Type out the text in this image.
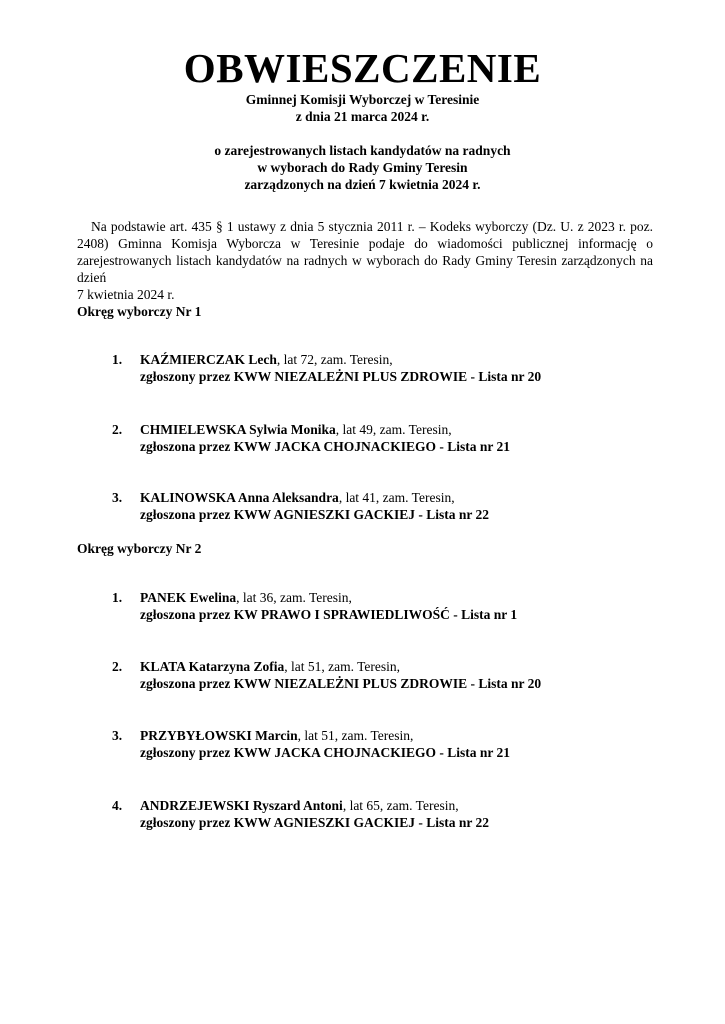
OBWIESZCZENIE
Gminnej Komisji Wyborczej w Teresinie
z dnia 21 marca 2024 r.
o zarejestrowanych listach kandydatów na radnych
w wyborach do Rady Gminy Teresin
zarządzonych na dzień 7 kwietnia 2024 r.
Na podstawie art. 435 § 1 ustawy z dnia 5 stycznia 2011 r. – Kodeks wyborczy (Dz. U. z 2023 r. poz.
2408) Gminna Komisja Wyborcza w Teresinie podaje do wiadomości publicznej informację o
zarejestrowanych listach kandydatów na radnych w wyborach do Rady Gminy Teresin zarządzonych na dzień
7 kwietnia 2024 r.
Okręg wyborczy Nr 1
1. KAŹMIERCZAK Lech, lat 72, zam. Teresin,
zgłoszony przez KWW NIEZALEŻNI PLUS ZDROWIE - Lista nr 20
2. CHMIELEWSKA Sylwia Monika, lat 49, zam. Teresin,
zgłoszona przez KWW JACKA CHOJNACKIEGO - Lista nr 21
3. KALINOWSKA Anna Aleksandra, lat 41, zam. Teresin,
zgłoszona przez KWW AGNIESZKI GACKIEJ - Lista nr 22
Okręg wyborczy Nr 2
1. PANEK Ewelina, lat 36, zam. Teresin,
zgłoszona przez KW PRAWO I SPRAWIEDLIWOŚĆ - Lista nr 1
2. KLATA Katarzyna Zofia, lat 51, zam. Teresin,
zgłoszona przez KWW NIEZALEŻNI PLUS ZDROWIE - Lista nr 20
3. PRZYBYŁOWSKI Marcin, lat 51, zam. Teresin,
zgłoszony przez KWW JACKA CHOJNACKIEGO - Lista nr 21
4. ANDRZEJEWSKI Ryszard Antoni, lat 65, zam. Teresin,
zgłoszony przez KWW AGNIESZKI GACKIEJ - Lista nr 22
